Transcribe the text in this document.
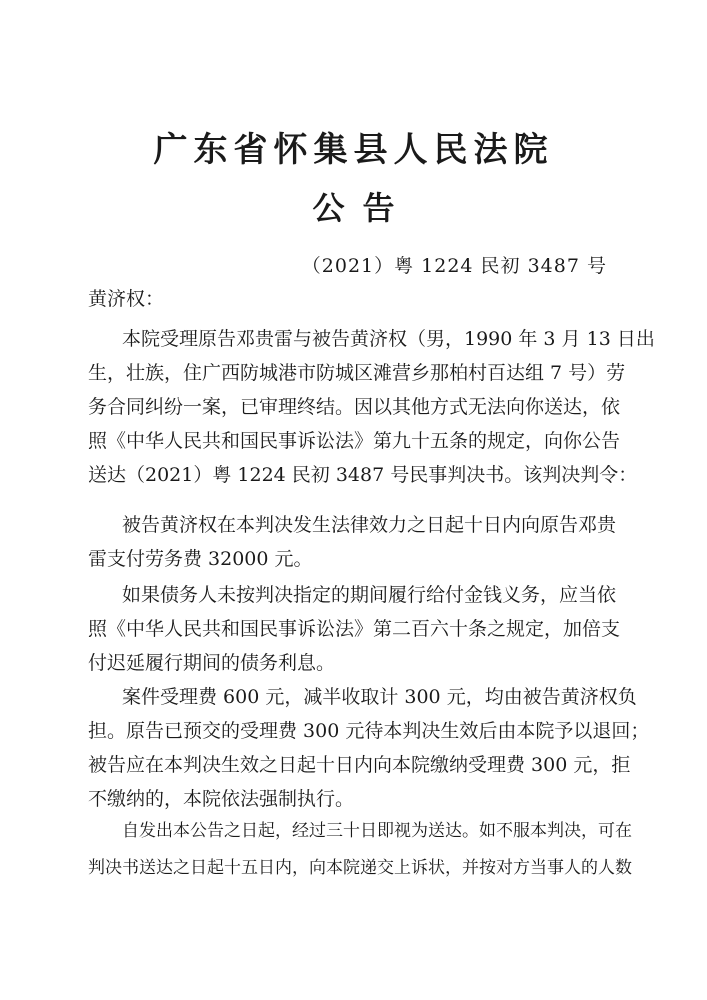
广东省怀集县人民法院
公告
（2021）粤 1224 民初 3487 号
黄济权：
本院受理原告邓贵雷与被告黄济权（男，1990 年 3 月 13 日出
生，壮族，住广西防城港市防城区滩营乡那柏村百达组 7 号）劳
务合同纠纷一案，已审理终结。因以其他方式无法向你送达，依
照《中华人民共和国民事诉讼法》第九十五条的规定，向你公告
送达（2021）粤 1224 民初 3487 号民事判决书。该判决判令：
被告黄济权在本判决发生法律效力之日起十日内向原告邓贵
雷支付劳务费 32000 元。
如果债务人未按判决指定的期间履行给付金钱义务，应当依
照《中华人民共和国民事诉讼法》第二百六十条之规定，加倍支
付迟延履行期间的债务利息。
案件受理费 600 元，减半收取计 300 元，均由被告黄济权负
担。原告已预交的受理费 300 元待本判决生效后由本院予以退回；
被告应在本判决生效之日起十日内向本院缴纳受理费 300 元，拒
不缴纳的，本院依法强制执行。
自发出本公告之日起，经过三十日即视为送达。如不服本判决，可在
判决书送达之日起十五日内，向本院递交上诉状，并按对方当事人的人数
